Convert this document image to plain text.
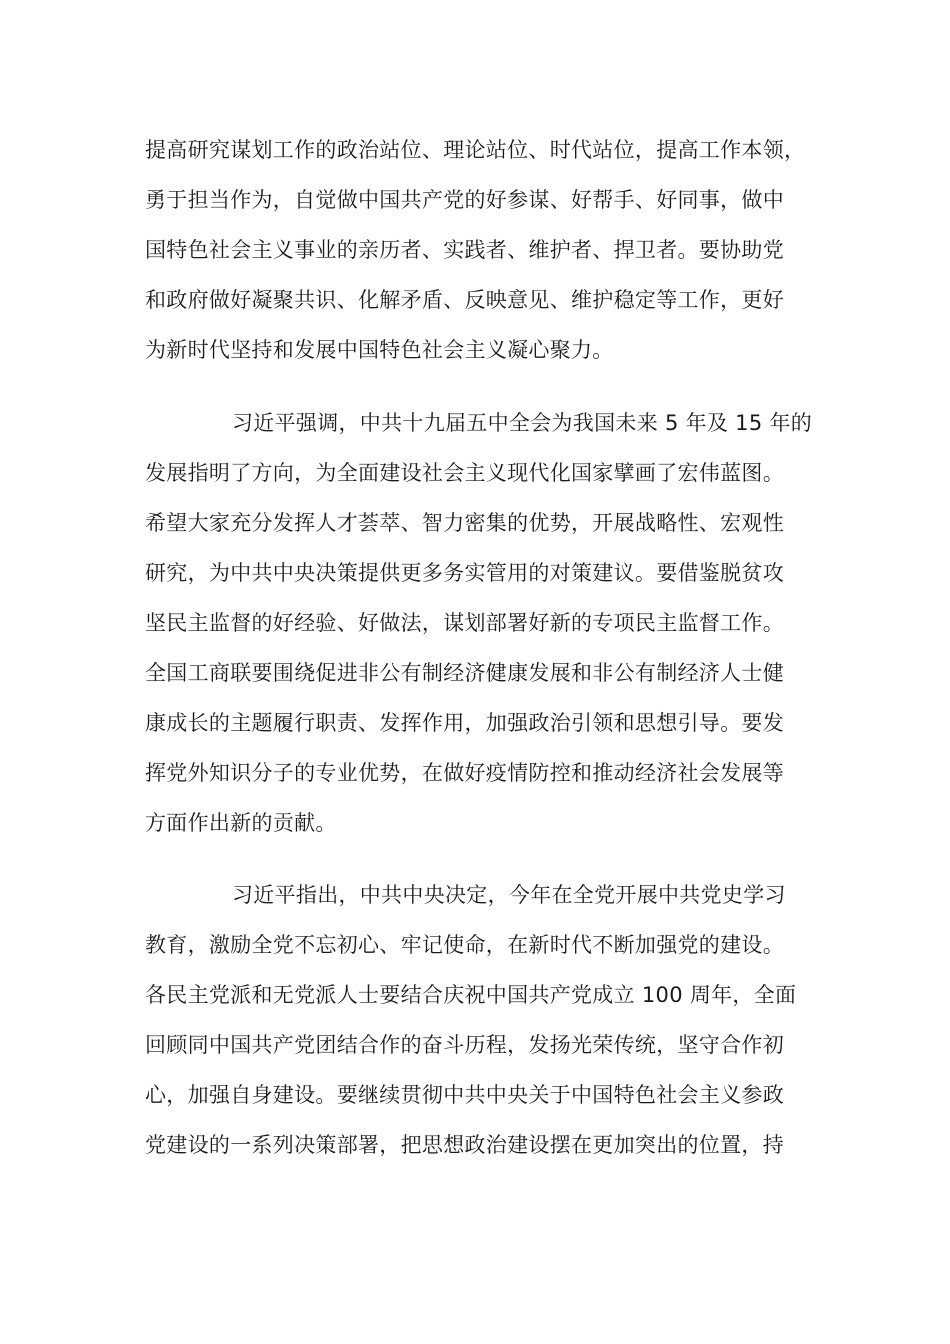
提高研究谋划工作的政治站位、理论站位、时代站位，提高工作本领，
勇于担当作为，自觉做中国共产党的好参谋、好帮手、好同事，做中
国特色社会主义事业的亲历者、实践者、维护者、捍卫者。要协助党
和政府做好凝聚共识、化解矛盾、反映意见、维护稳定等工作，更好
为新时代坚持和发展中国特色社会主义凝心聚力。
习近平强调，中共十九届五中全会为我国未来 5 年及 15 年的
发展指明了方向，为全面建设社会主义现代化国家擘画了宏伟蓝图。
希望大家充分发挥人才荟萃、智力密集的优势，开展战略性、宏观性
研究，为中共中央决策提供更多务实管用的对策建议。要借鉴脱贫攻
坚民主监督的好经验、好做法，谋划部署好新的专项民主监督工作。
全国工商联要围绕促进非公有制经济健康发展和非公有制经济人士健
康成长的主题履行职责、发挥作用，加强政治引领和思想引导。要发
挥党外知识分子的专业优势，在做好疫情防控和推动经济社会发展等
方面作出新的贡献。
习近平指出，中共中央决定，今年在全党开展中共党史学习
教育，激励全党不忘初心、牢记使命，在新时代不断加强党的建设。
各民主党派和无党派人士要结合庆祝中国共产党成立 100 周年，全面
回顾同中国共产党团结合作的奋斗历程，发扬光荣传统，坚守合作初
心，加强自身建设。要继续贯彻中共中央关于中国特色社会主义参政
党建设的一系列决策部署，把思想政治建设摆在更加突出的位置，持
